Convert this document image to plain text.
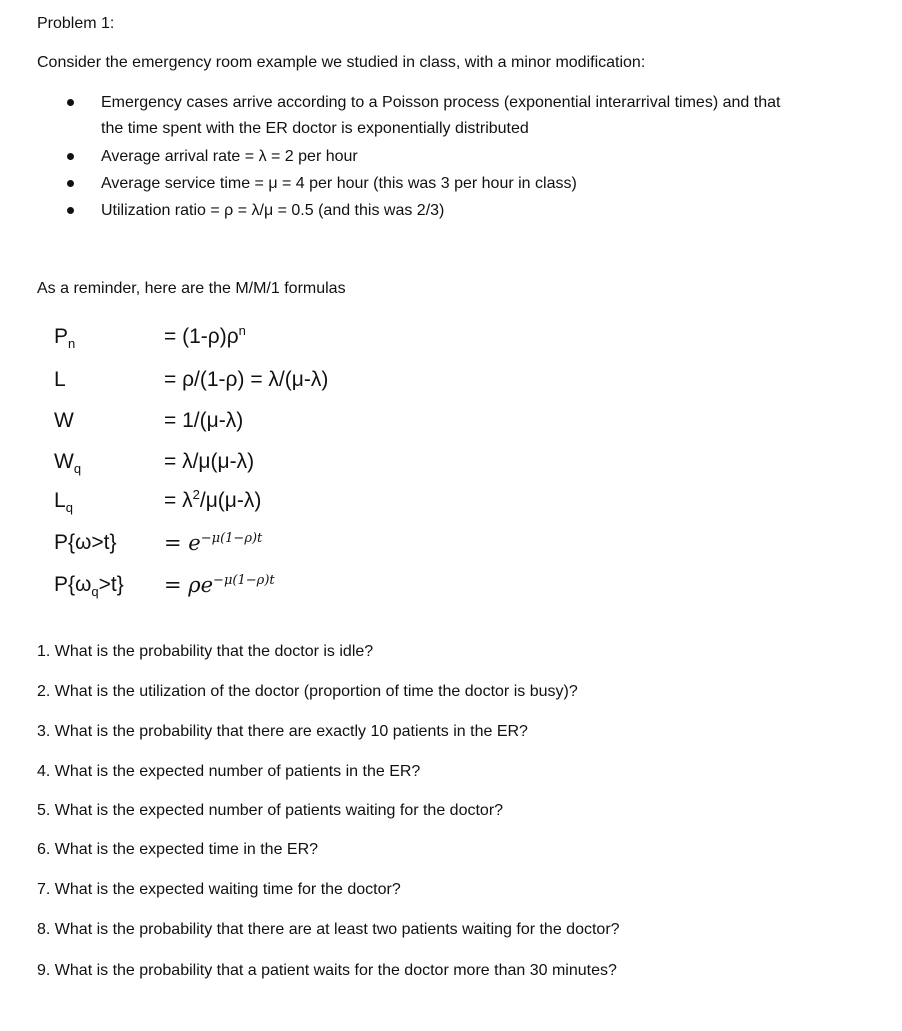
Problem 1:
Consider the emergency room example we studied in class, with a minor modification:
Emergency cases arrive according to a Poisson process (exponential interarrival times) and that
the time spent with the ER doctor is exponentially distributed
Average arrival rate = λ = 2 per hour
Average service time = μ = 4 per hour (this was 3 per hour in class)
Utilization ratio = ρ = λ/μ = 0.5 (and this was 2/3)
As a reminder, here are the M/M/1 formulas
$P_n$	= $(1-\rho)\rho^n$
L	= ρ/(1-ρ) = λ/(μ-λ)
W	= 1/(μ-λ)
$W_q$	= λ/μ(μ-λ)
$L_q$	= $\lambda^2/\mu(\mu-\lambda)$
$P\{\omega>t\} = e^{-\mu(1-\rho)t}$
$P\{\omega_q>t\} = \rho e^{-\mu(1-\rho)t}$
1. What is the probability that the doctor is idle?
2. What is the utilization of the doctor (proportion of time the doctor is busy)?
3. What is the probability that there are exactly 10 patients in the ER?
4. What is the expected number of patients in the ER?
5. What is the expected number of patients waiting for the doctor?
6. What is the expected time in the ER?
7. What is the expected waiting time for the doctor?
8. What is the probability that there are at least two patients waiting for the doctor?
9. What is the probability that a patient waits for the doctor more than 30 minutes?
